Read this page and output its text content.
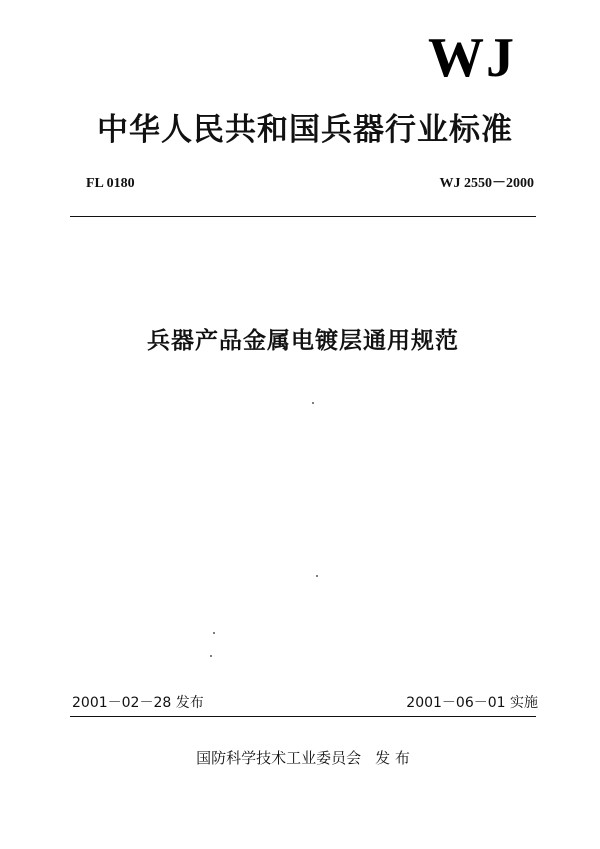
WJ
中华人民共和国兵器行业标准
FL 0180	WJ 2550－2000
兵器产品金属电镀层通用规范
2001－02－28 发布	2001－06－01 实施
国防科学技术工业委员会 发 布
